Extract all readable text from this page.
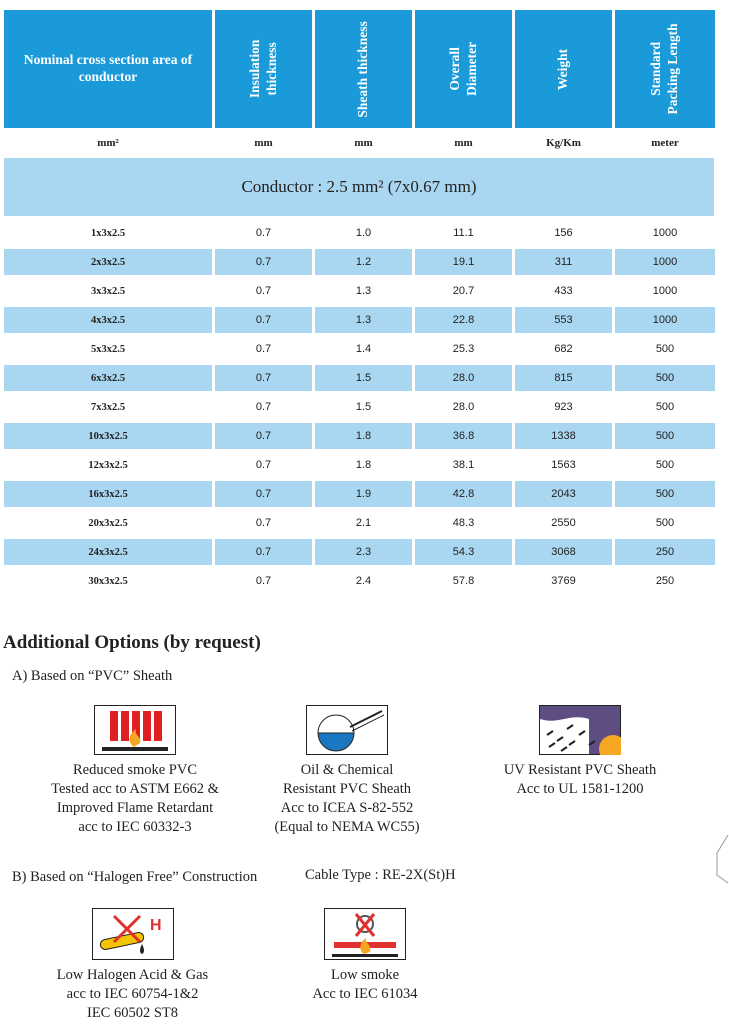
Nominal cross section area of conductor	Insulation thickness	Sheath thickness	Overall Diameter	Weight	Standard Packing Length
mm²	mm	mm	mm	Kg/Km	meter
Conductor : 2.5 mm² (7x0.67 mm)
1x3x2.5	0.7	1.0	11.1	156	1000
2x3x2.5	0.7	1.2	19.1	311	1000
3x3x2.5	0.7	1.3	20.7	433	1000
4x3x2.5	0.7	1.3	22.8	553	1000
5x3x2.5	0.7	1.4	25.3	682	500
6x3x2.5	0.7	1.5	28.0	815	500
7x3x2.5	0.7	1.5	28.0	923	500
10x3x2.5	0.7	1.8	36.8	1338	500
12x3x2.5	0.7	1.8	38.1	1563	500
16x3x2.5	0.7	1.9	42.8	2043	500
20x3x2.5	0.7	2.1	48.3	2550	500
24x3x2.5	0.7	2.3	54.3	3068	250
30x3x2.5	0.7	2.4	57.8	3769	250
Additional Options (by request)
A) Based on “PVC” Sheath
Reduced smoke PVC
Tested acc to ASTM E662 &
Improved Flame Retardant
acc to IEC 60332-3
Oil & Chemical
Resistant PVC Sheath
Acc to ICEA S-82-552
(Equal to NEMA WC55)
UV Resistant PVC Sheath
Acc to UL 1581-1200
B) Based on “Halogen Free” Construction	Cable Type : RE-2X(St)H
H
Low Halogen Acid & Gas
acc to IEC 60754-1&2
IEC 60502 ST8
Low smoke
Acc to IEC 61034
